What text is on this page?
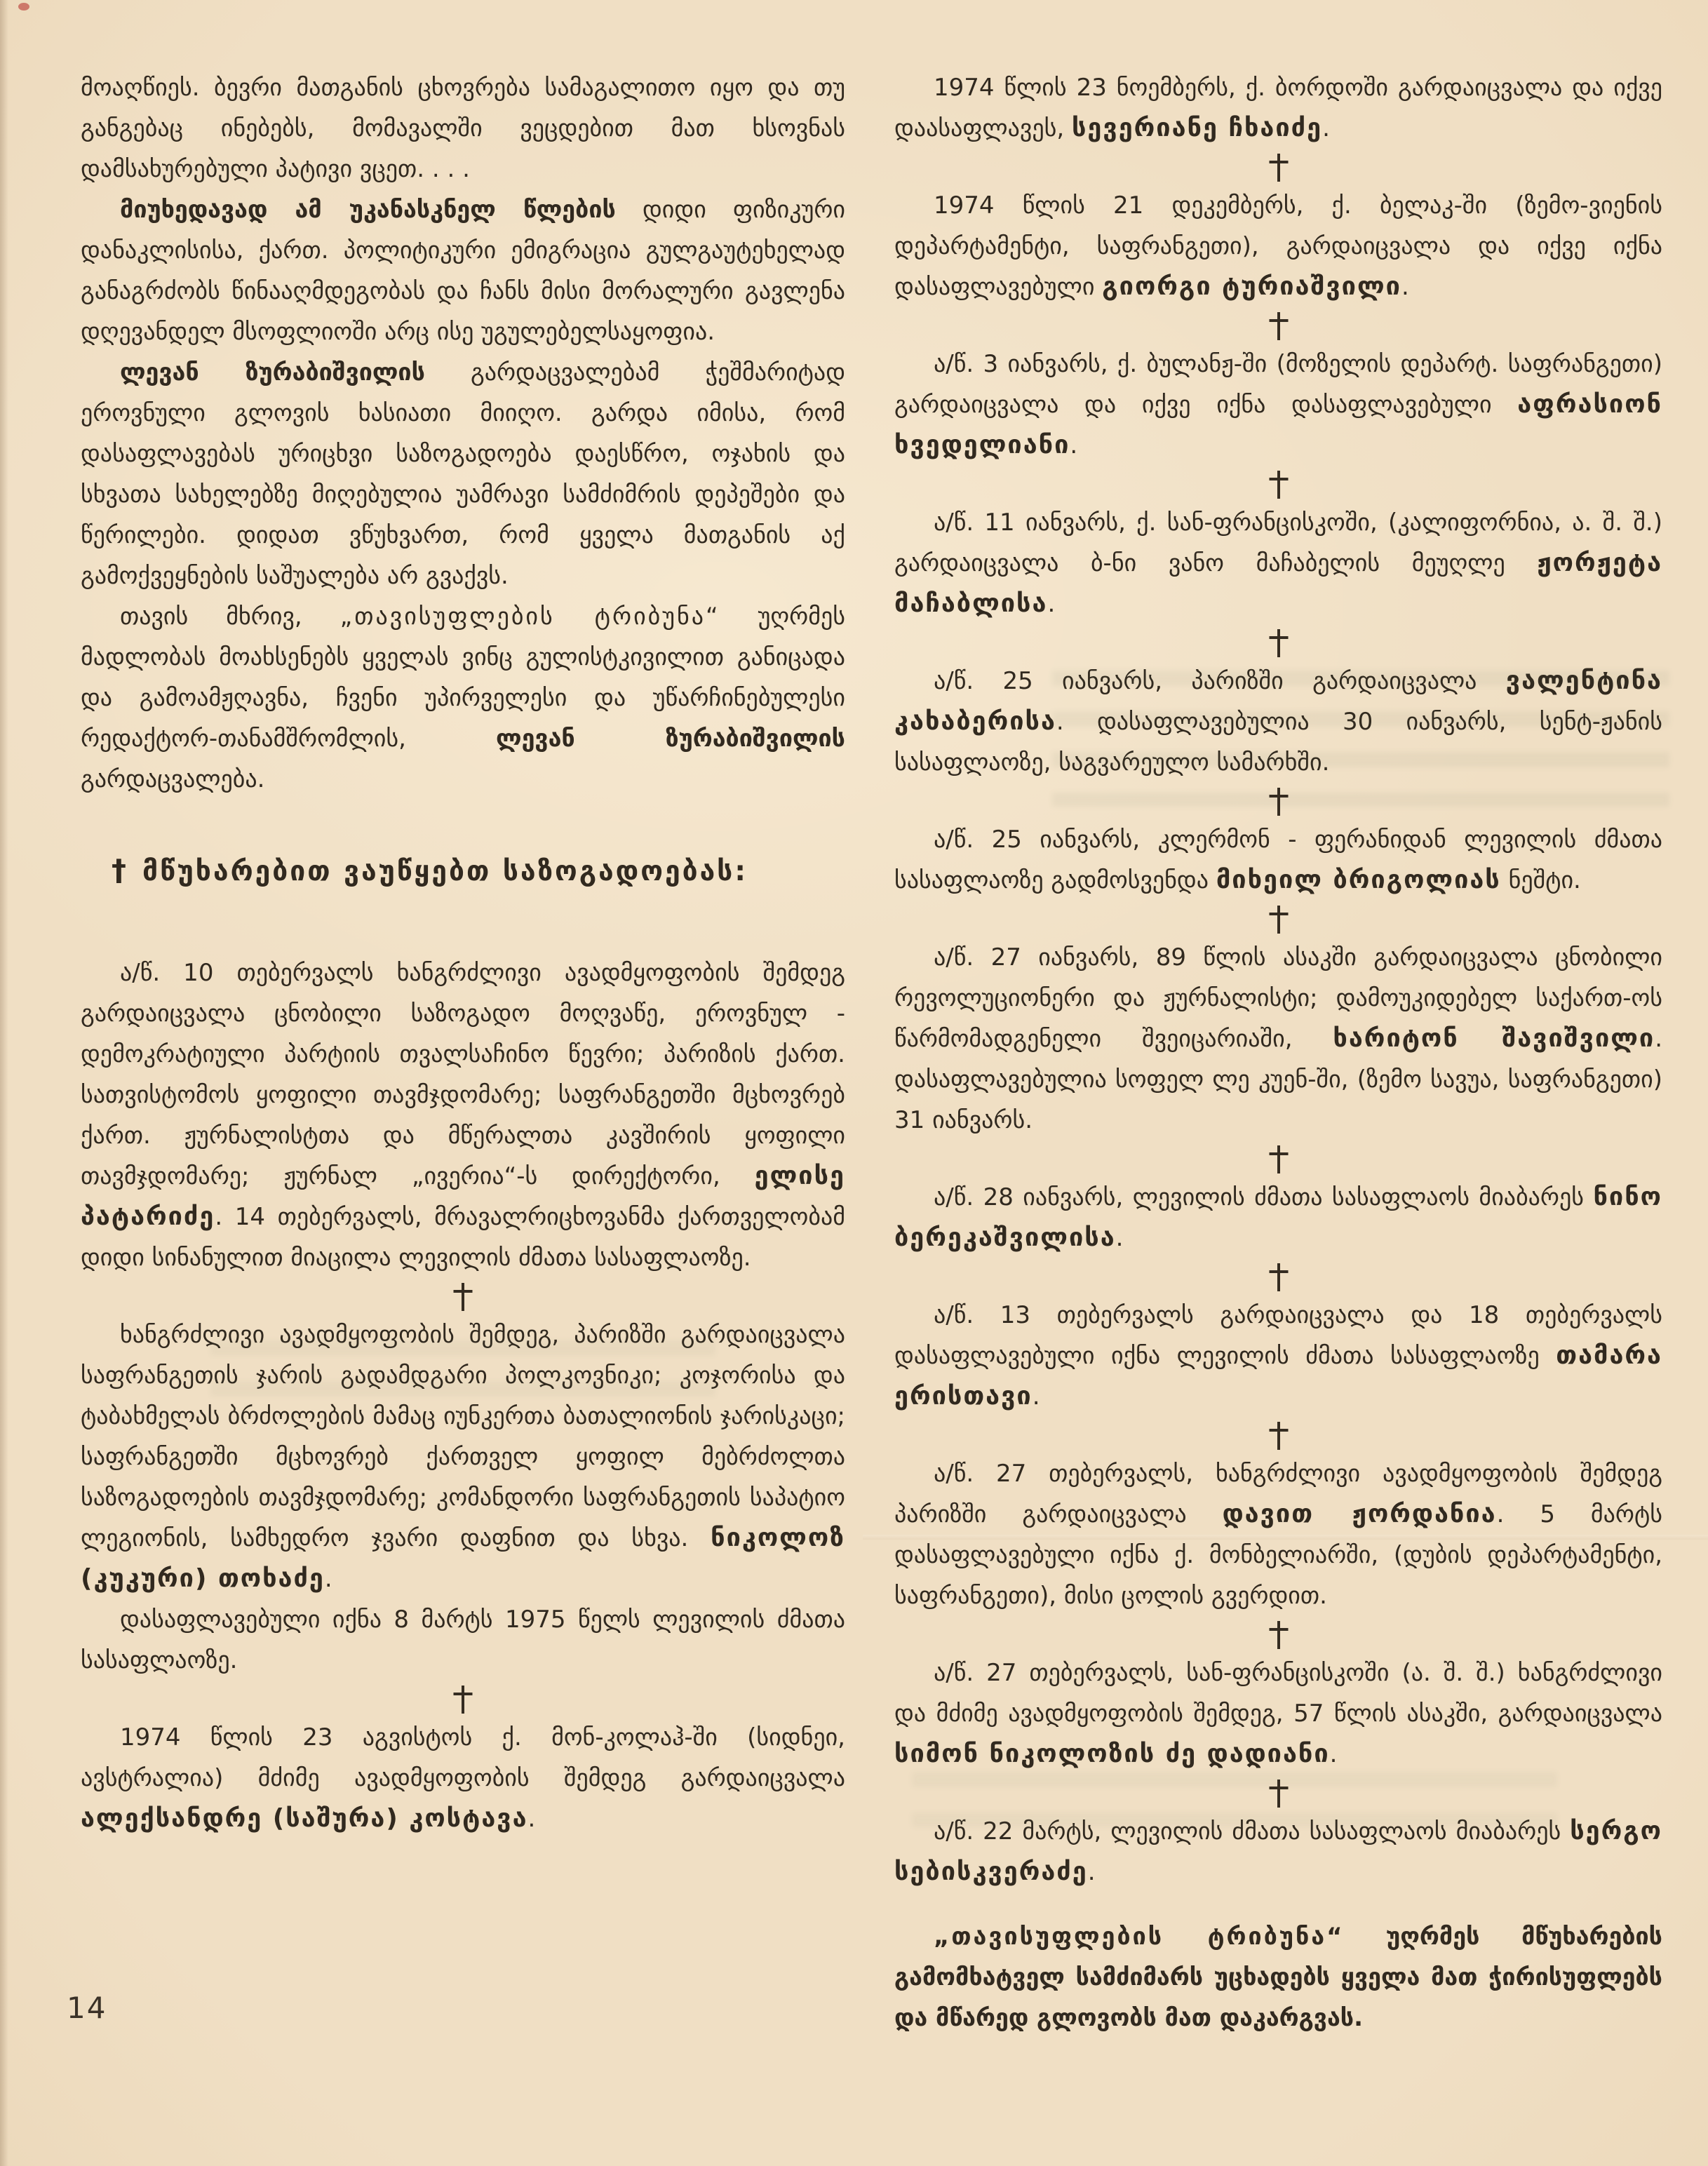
მოაღწიეს. ბევრი მათგანის ცხოვრება სამაგალითო იყო და თუ განგებაც ინებებს, მომავალში ვეცდებით მათ ხსოვნას დამსახურებული პატივი ვცეთ. . . .

მიუხედავად ამ უკანასკნელ წლების დიდი ფიზიკური დანაკლისისა, ქართ. პოლიტიკური ემიგრაცია გულგაუტეხელად განაგრძობს წინააღმდეგობას და ჩანს მისი მორალური გავლენა დღევანდელ მსოფლიოში არც ისე უგულებელსაყოფია.

ლევან ზურაბიშვილის გარდაცვალებამ ჭეშმარიტად ეროვნული გლოვის ხასიათი მიიღო. გარდა იმისა, რომ დასაფლავებას ურიცხვი საზოგადოება დაესწრო, ოჯახის და სხვათა სახელებზე მიღებულია უამრავი სამძიმრის დეპეშები და წერილები. დიდათ ვწუხვართ, რომ ყველა მათგანის აქ გამოქვეყნების საშუალება არ გვაქვს.

თავის მხრივ, „თავისუფლების ტრიბუნა“ უღრმეს მადლობას მოახსენებს ყველას ვინც გულისტკივილით განიცადა და გამოამჟღავნა, ჩვენი უპირველესი და უწარჩინებულესი რედაქტორ-თანამშრომლის, ლევან ზურაბიშვილის გარდაცვალება.

† მწუხარებით ვაუწყებთ საზოგადოებას:

ა/წ. 10 თებერვალს ხანგრძლივი ავადმყოფობის შემდეგ გარდაიცვალა ცნობილი საზოგადო მოღვაწე, ეროვნულ - დემოკრატიული პარტიის თვალსაჩინო წევრი; პარიზის ქართ. სათვისტომოს ყოფილი თავმჯდომარე; საფრანგეთში მცხოვრებ ქართ. ჟურნალისტთა და მწერალთა კავშირის ყოფილი თავმჯდომარე; ჟურნალ „ივერია“-ს დირექტორი, ელისე პატარიძე. 14 თებერვალს, მრავალრიცხოვანმა ქართველობამ დიდი სინანულით მიაცილა ლევილის ძმათა სასაფლაოზე.

ხანგრძლივი ავადმყოფობის შემდეგ, პარიზში გარდაიცვალა საფრანგეთის ჯარის გადამდგარი პოლკოვნიკი; კოჯორისა და ტაბახმელას ბრძოლების მამაც იუნკერთა ბათალიონის ჯარისკაცი; საფრანგეთში მცხოვრებ ქართველ ყოფილ მებრძოლთა საზოგადოების თავმჯდომარე; კომანდორი საფრანგეთის საპატიო ლეგიონის, სამხედრო ჯვარი დაფნით და სხვა. ნიკოლოზ (კუკური) თოხაძე.

დასაფლავებული იქნა 8 მარტს 1975 წელს ლევილის ძმათა სასაფლაოზე.

1974 წლის 23 აგვისტოს ქ. მონ-კოლაჰ-ში (სიდნეი, ავსტრალია) მძიმე ავადმყოფობის შემდეგ გარდაიცვალა ალექსანდრე (საშურა) კოსტავა.

1974 წლის 23 ნოემბერს, ქ. ბორდოში გარდაიცვალა და იქვე დაასაფლავეს, სევერიანე ჩხაიძე.

1974 წლის 21 დეკემბერს, ქ. ბელაკ-ში (ზემო-ვიენის დეპარტამენტი, საფრანგეთი), გარდაიცვალა და იქვე იქნა დასაფლავებული გიორგი ტურიაშვილი.

ა/წ. 3 იანვარს, ქ. ბულანჟ-ში (მოზელის დეპარტ. საფრანგეთი) გარდაიცვალა და იქვე იქნა დასაფლავებული აფრასიონ ხვედელიანი.

ა/წ. 11 იანვარს, ქ. სან-ფრანცისკოში, (კალიფორნია, ა. შ. შ.) გარდაიცვალა ბ-ნი ვანო მაჩაბელის მეუღლე ჟორჟეტა მაჩაბლისა.

ა/წ. 25 იანვარს, პარიზში გარდაიცვალა ვალენტინა კახაბერისა. დასაფლავებულია 30 იანვარს, სენტ-ჟანის სასაფლაოზე, საგვარეულო სამარხში.

ა/წ. 25 იანვარს, კლერმონ - ფერანიდან ლევილის ძმათა სასაფლაოზე გადმოსვენდა მიხეილ ბრიგოლიას ნეშტი.

ა/წ. 27 იანვარს, 89 წლის ასაკში გარდაიცვალა ცნობილი რევოლუციონერი და ჟურნალისტი; დამოუკიდებელ საქართ-ოს წარმომადგენელი შვეიცარიაში, ხარიტონ შავიშვილი. დასაფლავებულია სოფელ ლე კუენ-ში, (ზემო სავუა, საფრანგეთი) 31 იანვარს.

ა/წ. 28 იანვარს, ლევილის ძმათა სასაფლაოს მიაბარეს ნინო ბერეკაშვილისა.

ა/წ. 13 თებერვალს გარდაიცვალა და 18 თებერვალს დასაფლავებული იქნა ლევილის ძმათა სასაფლაოზე თამარა ერისთავი.

ა/წ. 27 თებერვალს, ხანგრძლივი ავადმყოფობის შემდეგ პარიზში გარდაიცვალა დავით ჟორდანია. 5 მარტს დასაფლავებული იქნა ქ. მონბელიარში, (დუბის დეპარტამენტი, საფრანგეთი), მისი ცოლის გვერდით.

ა/წ. 27 თებერვალს, სან-ფრანცისკოში (ა. შ. შ.) ხანგრძლივი და მძიმე ავადმყოფობის შემდეგ, 57 წლის ასაკში, გარდაიცვალა სიმონ ნიკოლოზის ძე დადიანი.

ა/წ. 22 მარტს, ლევილის ძმათა სასაფლაოს მიაბარეს სერგო სებისკვერაძე.

„თავისუფლების ტრიბუნა“ უღრმეს მწუხარების გამომხატველ სამძიმარს უცხადებს ყველა მათ ჭირისუფლებს და მწარედ გლოვობს მათ დაკარგვას.

14
